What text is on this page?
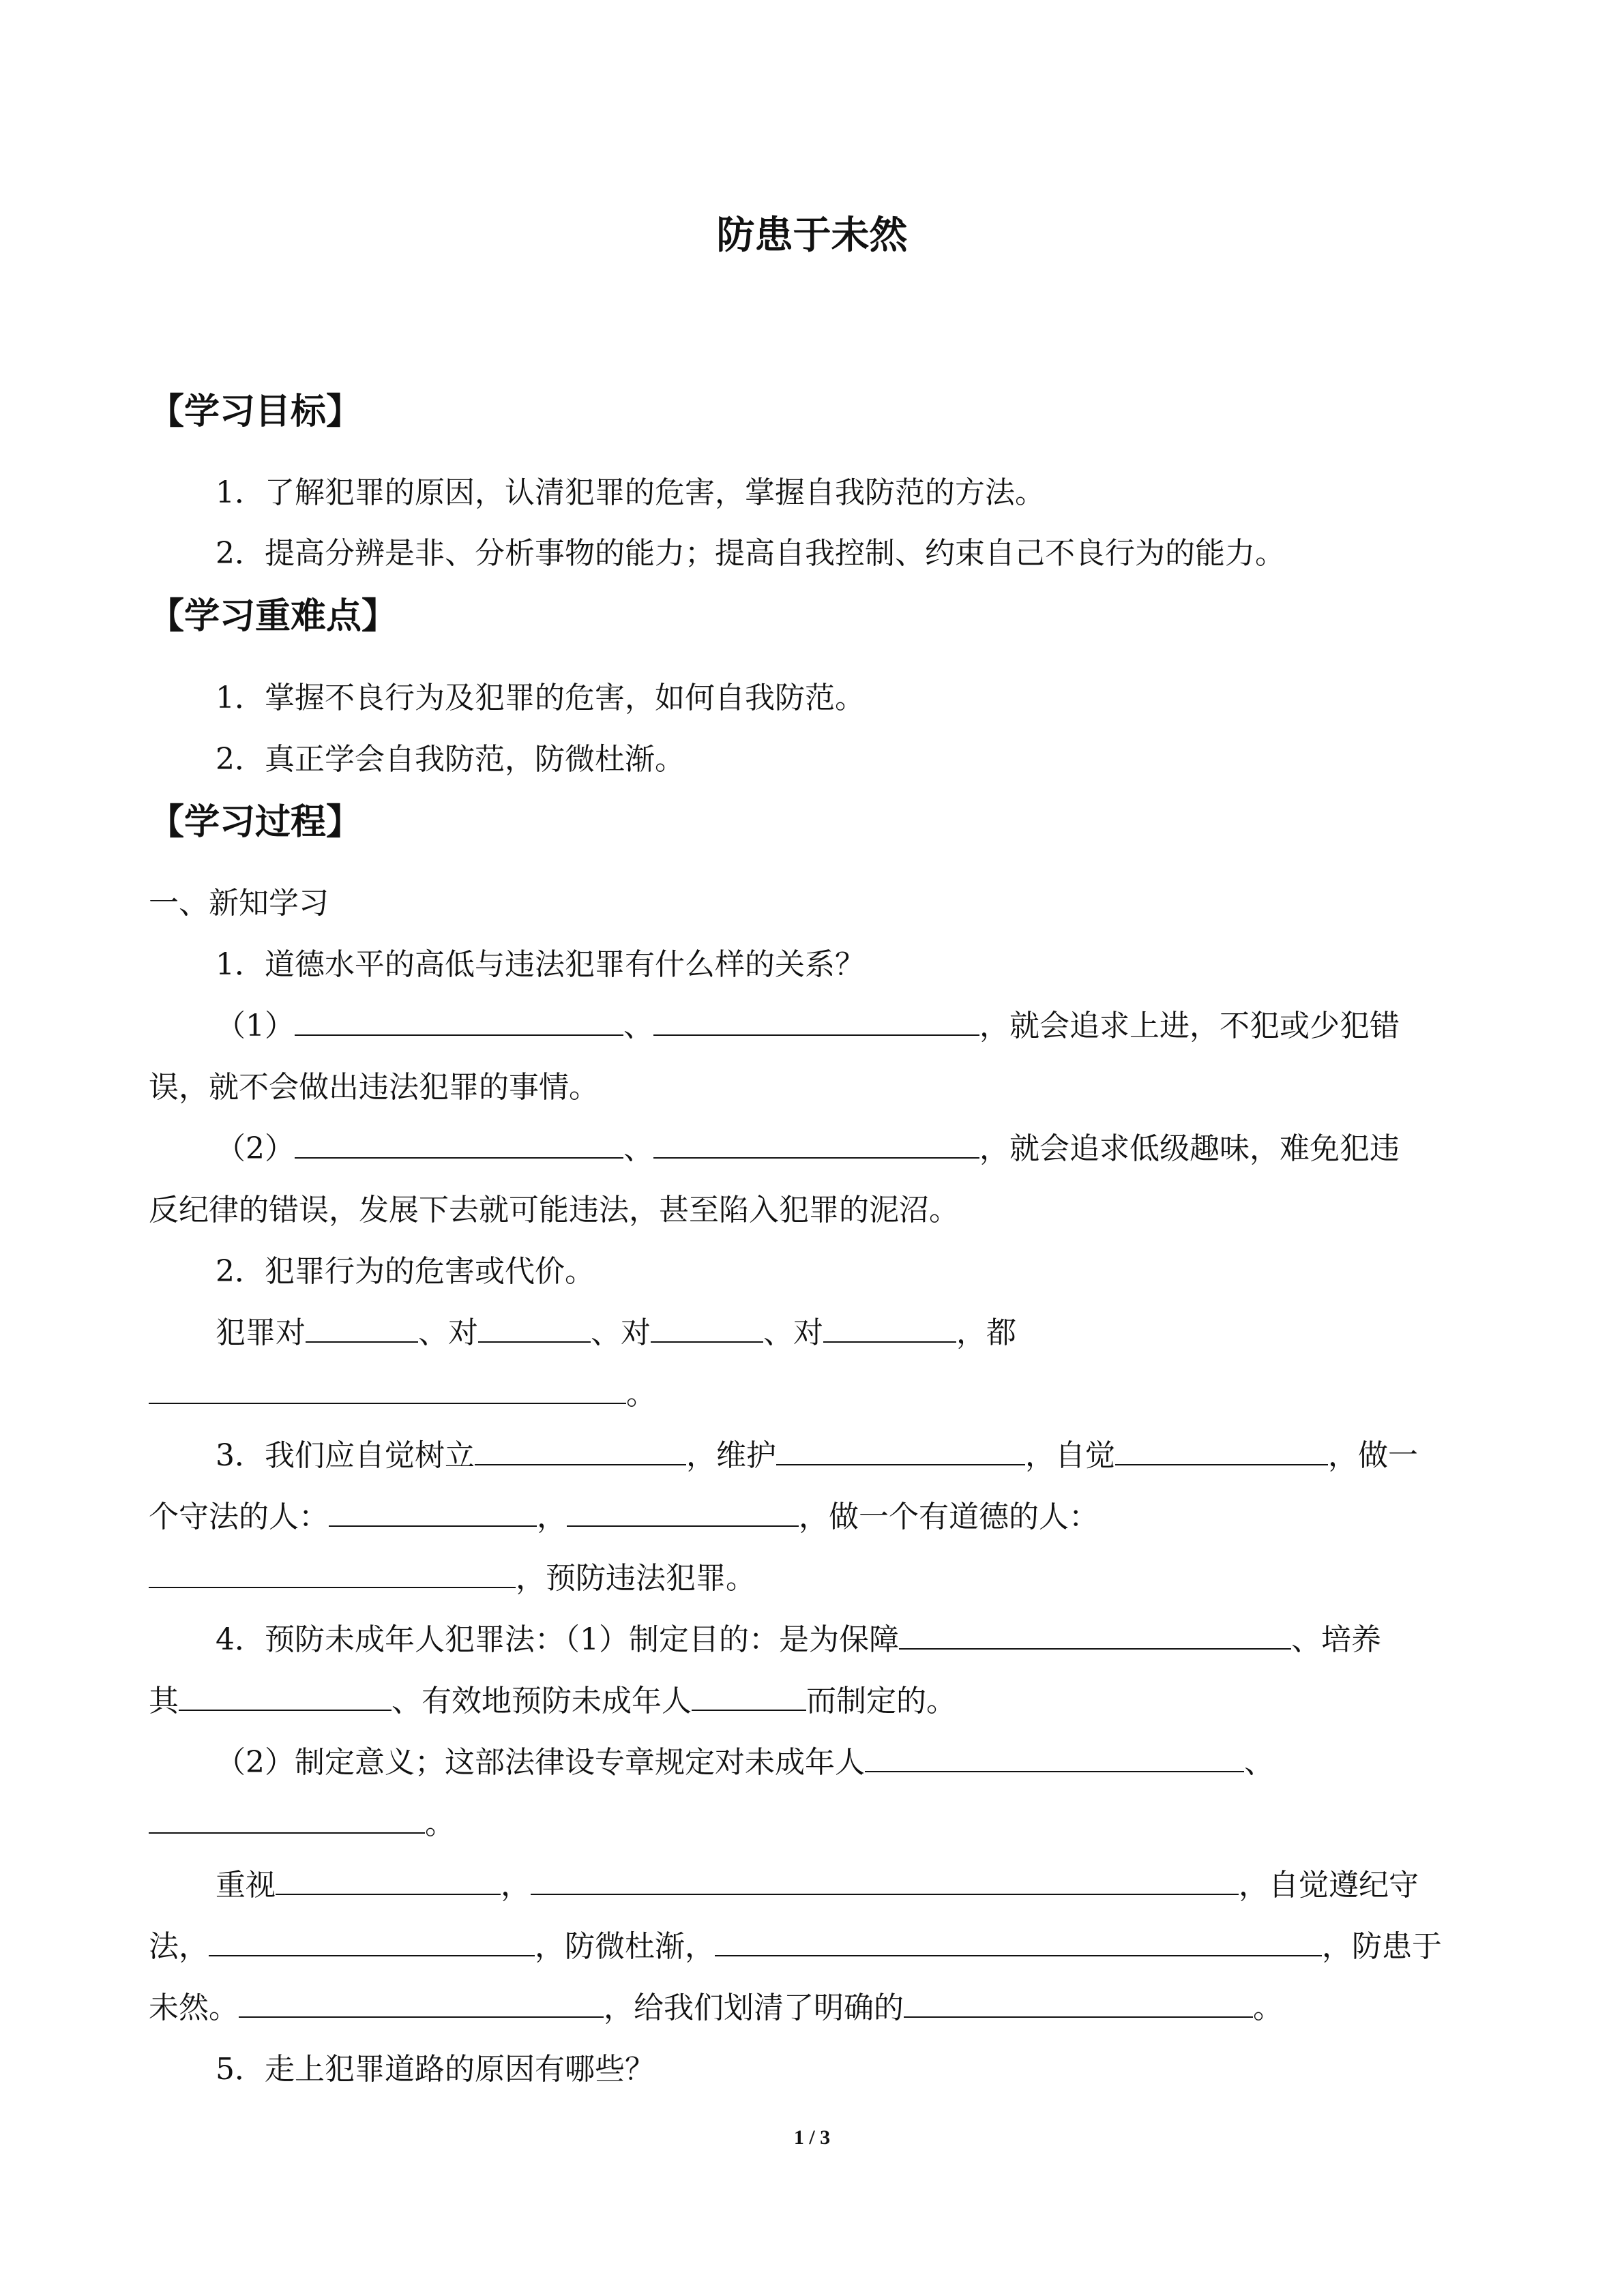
防患于未然
【学习目标】
1．了解犯罪的原因，认清犯罪的危害，掌握自我防范的方法。
2．提高分辨是非、分析事物的能力；提高自我控制、约束自己不良行为的能力。
【学习重难点】
1．掌握不良行为及犯罪的危害，如何自我防范。
2．真正学会自我防范，防微杜渐。
【学习过程】
一、新知学习
1．道德水平的高低与违法犯罪有什么样的关系？
（1）	、	，就会追求上进，不犯或少犯错
误，就不会做出违法犯罪的事情。
（2）	、	，就会追求低级趣味，难免犯违
反纪律的错误，发展下去就可能违法，甚至陷入犯罪的泥沼。
2．犯罪行为的危害或代价。
犯罪对	、对	、对	、对	，都
。
3．我们应自觉树立	，维护	，自觉	，做一
个守法的人：	，	，做一个有道德的人：
，预防违法犯罪。
4．预防未成年人犯罪法：（1）制定目的：是为保障	、培养
其	、有效地预防未成年人	而制定的。
（2）制定意义；这部法律设专章规定对未成年人	、
。
重视	，	，自觉遵纪守
法，	，防微杜渐，	，防患于
未然。	，给我们划清了明确的	。
5．走上犯罪道路的原因有哪些？
1 / 3
